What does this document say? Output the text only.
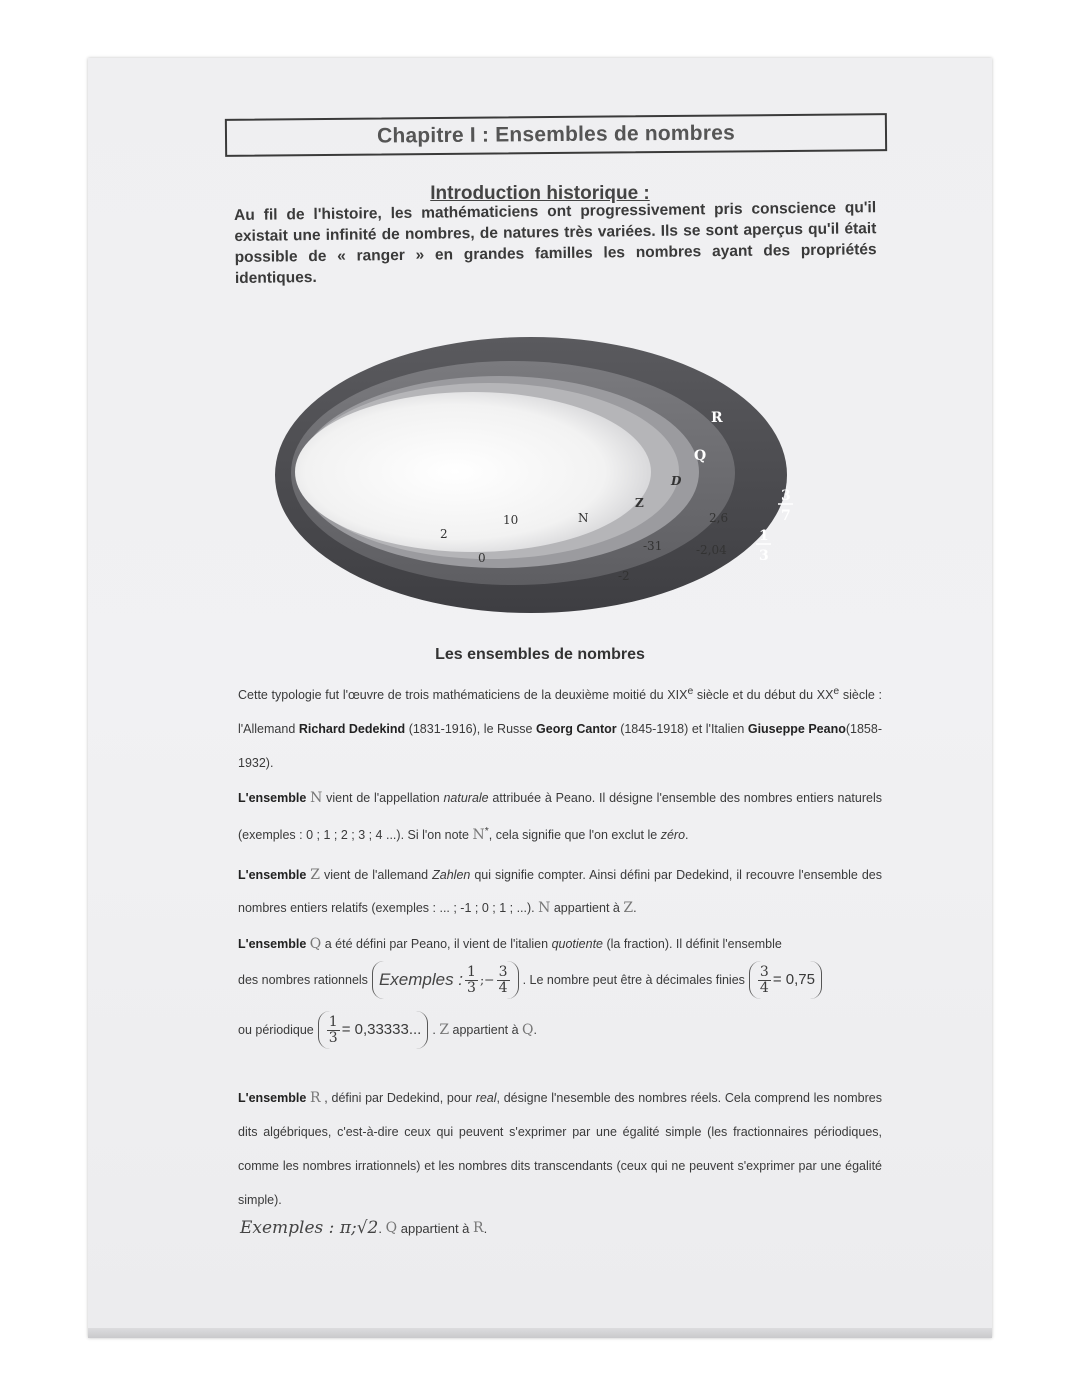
Chapitre I : Ensembles de nombres
Introduction historique :
Au fil de l'histoire, les mathématiciens ont progressivement pris conscience qu'il existait une infinité de nombres, de natures très variées. Ils se sont aperçus qu'il était possible de « ranger » en grandes familles les nombres ayant des propriétés identiques.
R
Q
D
Z
N
2
10
0
-31
-2
2,6
-2,04
3
7
1
3
Les ensembles de nombres
Cette typologie fut l'œuvre de trois mathématiciens de la deuxième moitié du XIXe siècle et du début du XXe siècle : l'Allemand Richard Dedekind (1831-1916), le Russe Georg Cantor (1845-1918) et l'Italien Giuseppe Peano(1858-1932).
L'ensemble N vient de l'appellation naturale attribuée à Peano. Il désigne l'ensemble des nombres entiers naturels (exemples : 0 ; 1 ; 2 ; 3 ; 4 ...). Si l'on note N*, cela signifie que l'on exclut le zéro.
L'ensemble Z vient de l'allemand Zahlen qui signifie compter. Ainsi défini par Dedekind, il recouvre l'ensemble des nombres entiers relatifs (exemples : ... ; -1 ; 0 ; 1 ; ...). N appartient à Z.
L'ensemble Q a été défini par Peano, il vient de l'italien quotiente (la fraction). Il définit l'ensemble
des nombres rationnels Exemples : $\frac{1}{3}$ ;− $\frac{3}{4}$ . Le nombre peut être à décimales finies $\frac{3}{4} = 0,75$
ou périodique $\frac{1}{3} = 0,33333$... .
Z
appartient à
Q .
L'ensemble R , défini par Dedekind, pour real, désigne l'nesemble des nombres réels. Cela comprend les nombres dits algébriques, c'est-à-dire ceux qui peuvent s'exprimer par une égalité simple (les fractionnaires périodiques, comme les nombres irrationnels) et les nombres dits transcendants (ceux qui ne peuvent s'exprimer par une égalité simple).
Exemples : π;√2 .
Q
appartient à
R .
